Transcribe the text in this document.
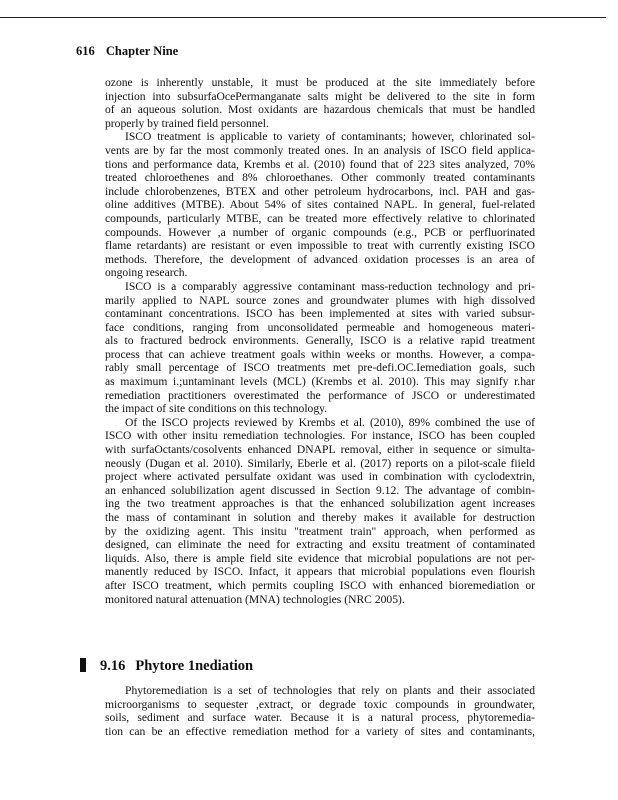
616 Chapter Nine
ozone is inherently unstable, it must be produced at the site immediately before
injection into subsurfaOcePermanganate salts might be delivered to the site in form
of an aqueous solution. Most oxidants are hazardous chemicals that must be handled
properly by trained field personnel.
ISCO treatment is applicable to variety of contaminants; however, chlorinated sol-
vents are by far the most commonly treated ones. In an analysis of ISCO field applica-
tions and performance data, Krembs et al. (2010) found that of 223 sites analyzed, 70%
treated chloroethenes and 8% chloroethanes. Other commonly treated contaminants
include chlorobenzenes, BTEX and other petroleum hydrocarbons, incl. PAH and gas-
oline additives (MTBE). About 54% of sites contained NAPL. In general, fuel-related
compounds, particularly MTBE, can be treated more effectively relative to chlorinated
compounds. However ,a number of organic compounds (e.g., PCB or perfluorinated
flame retardants) are resistant or even impossible to treat with currently existing ISCO
methods. Therefore, the development of advanced oxidation processes is an area of
ongoing research.
ISCO is a comparably aggressive contaminant mass-reduction technology and pri-
marily applied to NAPL source zones and groundwater plumes with high dissolved
contaminant concentrations. ISCO has been implemented at sites with varied subsur-
face conditions, ranging from unconsolidated permeable and homogeneous materi-
als to fractured bedrock environments. Generally, ISCO is a relative rapid treatment
process that can achieve treatment goals within weeks or months. However, a compa-
rably small percentage of ISCO treatments met pre-defi.OC.Iemediation goals, such
as maximum i.;untaminant levels (MCL) (Krembs et al. 2010). This may signify r.har
remediation practitioners overestimated the performance of JSCO or underestimated
the impact of site conditions on this technology.
Of the ISCO projects reviewed by Krembs et al. (2010), 89% combined the use of
ISCO with other insitu remediation technologies. For instance, ISCO has been coupled
with surfaOctants/cosolvents enhanced DNAPL removal, either in sequence or simulta-
neously (Dugan et al. 2010). Similarly, Eberle et al. (2017) reports on a pilot-scale fiield
project where activated persulfate oxidant was used in combination with cyclodextrin,
an enhanced solubilization agent discussed in Section 9.12. The advantage of combin-
ing the two treatment approaches is that the enhanced solubilization agent increases
the mass of contaminant in solution and thereby makes it available for destruction
by the oxidizing agent. This insitu "treatment train" approach, when performed as
designed, can eliminate the need for extracting and exsitu treatment of contaminated
liquids. Also, there is ample field site evidence that microbial populations are not per-
manently reduced by ISCO. Infact, it appears that microbial populations even flourish
after ISCO treatment, which permits coupling ISCO with enhanced bioremediation or
monitored natural attenuation (MNA) technologies (NRC 2005).
9.16 Phytore 1nediation
Phytoremediation is a set of technologies that rely on plants and their associated
microorganisms to sequester ,extract, or degrade toxic compounds in groundwater,
soils, sediment and surface water. Because it is a natural process, phytoremedia-
tion can be an effective remediation method for a variety of sites and contaminants,
